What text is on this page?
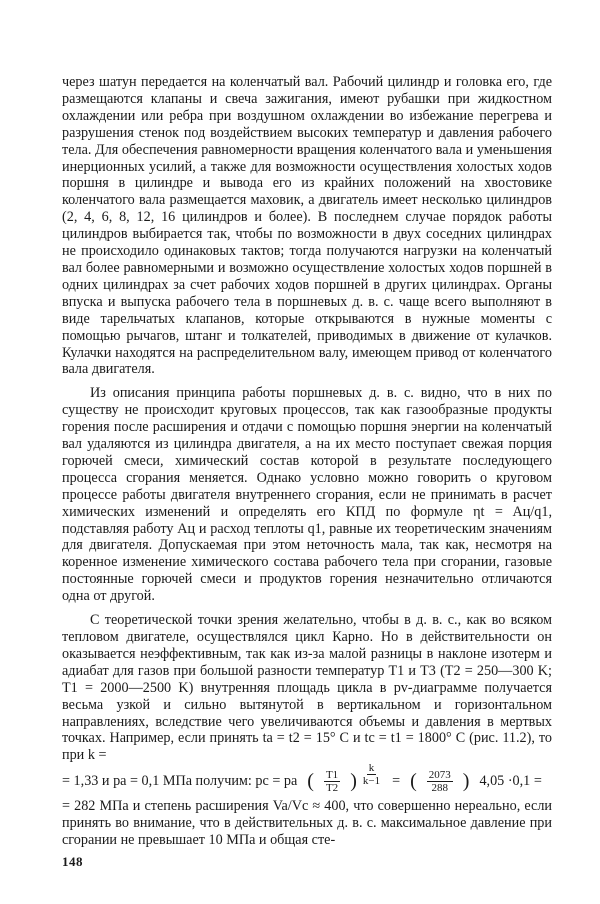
через шатун передается на коленчатый вал. Рабочий цилиндр и головка его, где размещаются клапаны и свеча зажигания, имеют рубашки при жидкостном охлаждении или ребра при воздушном охлаждении во избежание перегрева и разрушения стенок под воздействием высоких температур и давления рабочего тела. Для обеспечения равномерности вращения коленчатого вала и уменьшения инерционных усилий, а также для возможности осуществления холостых ходов поршня в цилиндре и вывода его из крайних положений на хвостовике коленчатого вала размещается маховик, а двигатель имеет несколько цилиндров (2, 4, 6, 8, 12, 16 цилиндров и более). В последнем случае порядок работы цилиндров выбирается так, чтобы по возможности в двух соседних цилиндрах не происходило одинаковых тактов; тогда получаются нагрузки на коленчатый вал более равномерными и возможно осуществление холостых ходов поршней в одних цилиндрах за счет рабочих ходов поршней в других цилиндрах. Органы впуска и выпуска рабочего тела в поршневых д. в. с. чаще всего выполняют в виде тарельчатых клапанов, которые открываются в нужные моменты с помощью рычагов, штанг и толкателей, приводимых в движение от кулачков. Кулачки находятся на распределительном валу, имеющем привод от коленчатого вала двигателя.

Из описания принципа работы поршневых д. в. с. видно, что в них по существу не происходит круговых процессов, так как газообразные продукты горения после расширения и отдачи с помощью поршня энергии на коленчатый вал удаляются из цилиндра двигателя, а на их место поступает свежая порция горючей смеси, химический состав которой в результате последующего процесса сгорания меняется. Однако условно можно говорить о круговом процессе работы двигателя внутреннего сгорания, если не принимать в расчет химических изменений и определять его КПД по формуле ηt = Aц/q1, подставляя работу Aц и расход теплоты q1, равные их теоретическим значениям для двигателя. Допускаемая при этом неточность мала, так как, несмотря на коренное изменение химического состава рабочего тела при сгорании, газовые постоянные горючей смеси и продуктов горения незначительно отличаются одна от другой.

С теоретической точки зрения желательно, чтобы в д. в. с., как во всяком тепловом двигателе, осуществлялся цикл Карно. Но в действительности он оказывается неэффективным, так как из-за малой разницы в наклоне изотерм и адиабат для газов при большой разности температур T1 и T3 (T2 = 250—300 K; T1 = 2000—2500 K) внутренняя площадь цикла в pv-диаграмме получается весьма узкой и сильно вытянутой в вертикальном и горизонтальном направлениях, вследствие чего увеличиваются объемы и давления в мертвых точках. Например, если принять ta = t2 = 15° C и tc = t1 = 1800° C (рис. 11.2), то при k =

= 1,33 и pa = 0,1 МПа получим: pc = pa ( $\frac{T1}{T2}$ ) $\frac{k}{k-1}$ = ( $\frac{2073}{288}$ ) 4,05 ·0,1 =

= 282 МПа и степень расширения Va/Vc ≈ 400, что совершенно нереально, если принять во внимание, что в действительных д. в. с. максимальное давление при сгорании не превышает 10 МПа и общая сте-

148
